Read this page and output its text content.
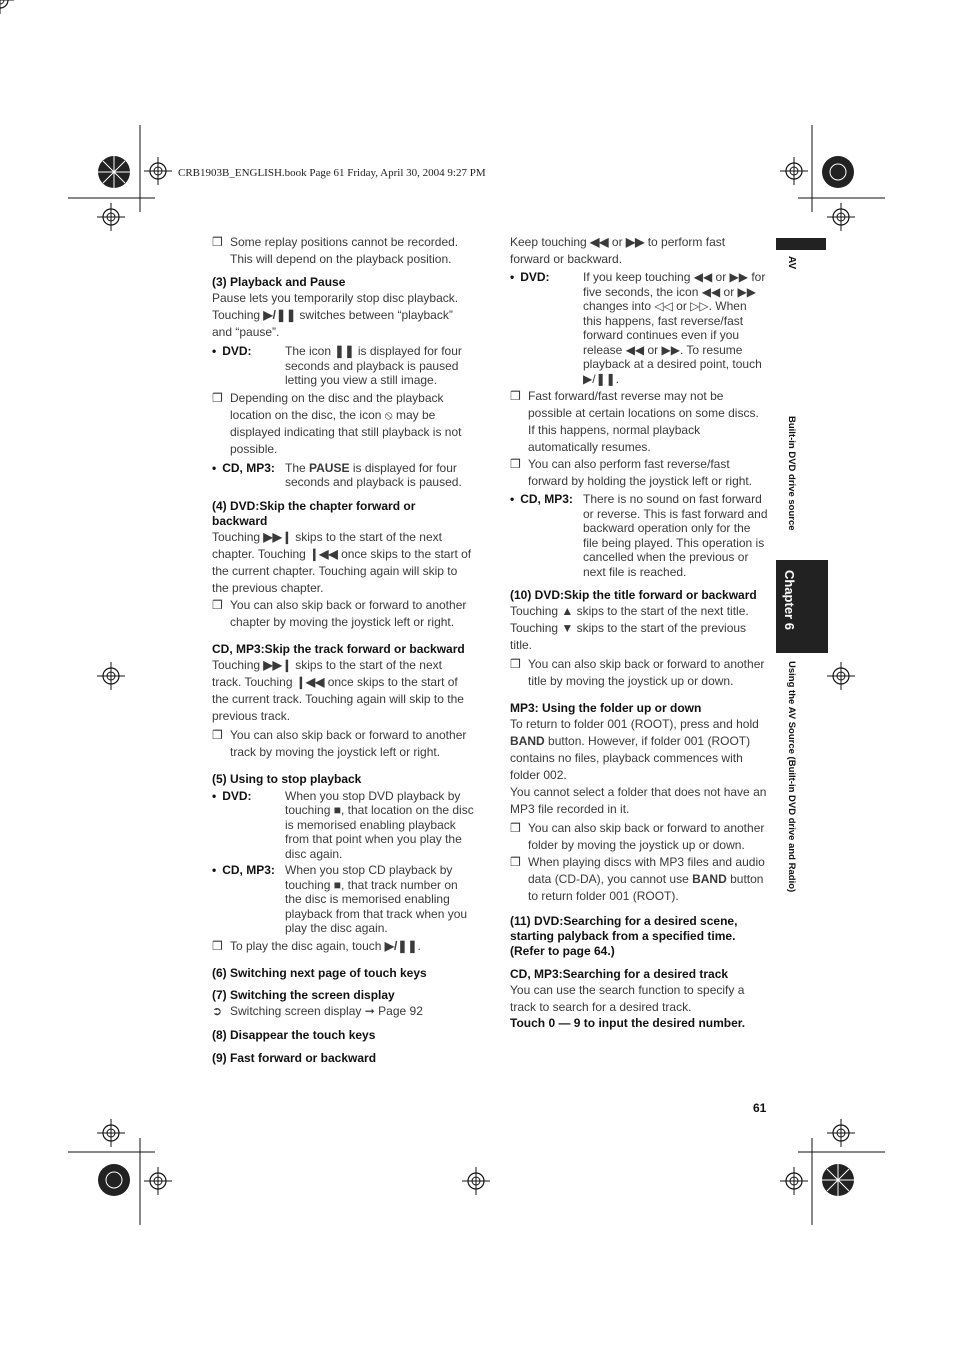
CRB1903B_ENGLISH.book Page 61 Friday, April 30, 2004 9:27 PM
AV
Built-in DVD drive source
Chapter 6
Using the AV Source (Built-in DVD drive and Radio)

❒ Some replay positions cannot be recorded. This will depend on the playback position.

(3) Playback and Pause

Pause lets you temporarily stop disc playback.
Touching ▶/❚❚ switches between “playback”
and “pause”.

• DVD:	The icon ❚❚ is displayed for four seconds and playback is paused letting you view a still image.

❒ Depending on the disc and the playback location on the disc, the icon ⦸ may be displayed indicating that still playback is not possible.

• CD, MP3: The PAUSE is displayed for four seconds and playback is paused.

(4) DVD:Skip the chapter forward or backward

Touching ▶▶❙ skips to the start of the next chapter. Touching ❙◀◀ once skips to the start of the current chapter. Touching again will skip to the previous chapter.

❒ You can also skip back or forward to another chapter by moving the joystick left or right.

CD, MP3:Skip the track forward or backward

Touching ▶▶❙ skips to the start of the next track. Touching ❙◀◀ once skips to the start of the current track. Touching again will skip to the previous track.

❒ You can also skip back or forward to another track by moving the joystick left or right.

(5) Using to stop playback

• DVD:	When you stop DVD playback by touching ■, that location on the disc is memorised enabling playback from that point when you play the disc again.

• CD, MP3: When you stop CD playback by touching ■, that track number on the disc is memorised enabling playback from that track when you play the disc again.

❒ To play the disc again, touch ▶/❚❚.

(6) Switching next page of touch keys

(7) Switching the screen display

➲ Switching screen display ➞ Page 92

(8) Disappear the touch keys

(9) Fast forward or backward

Keep touching ◀◀ or ▶▶ to perform fast forward or backward.

• DVD:	If you keep touching ◀◀ or ▶▶ for five seconds, the icon ◀◀ or ▶▶ changes into ◁◁ or ▷▷. When this happens, fast reverse/fast forward continues even if you release ◀◀ or ▶▶. To resume playback at a desired point, touch ▶/❚❚.

❒ Fast forward/fast reverse may not be possible at certain locations on some discs. If this happens, normal playback automatically resumes.

❒ You can also perform fast reverse/fast forward by holding the joystick left or right.

• CD, MP3: There is no sound on fast forward or reverse. This is fast forward and backward operation only for the file being played. This operation is cancelled when the previous or next file is reached.

(10) DVD:Skip the title forward or backward

Touching ▲ skips to the start of the next title. Touching ▼ skips to the start of the previous title.

❒ You can also skip back or forward to another title by moving the joystick up or down.

MP3: Using the folder up or down

To return to folder 001 (ROOT), press and hold BAND button. However, if folder 001 (ROOT) contains no files, playback commences with folder 002.

You cannot select a folder that does not have an MP3 file recorded in it.

❒ You can also skip back or forward to another folder by moving the joystick up or down.

❒ When playing discs with MP3 files and audio data (CD-DA), you cannot use BAND button to return folder 001 (ROOT).

(11) DVD:Searching for a desired scene, starting palyback from a specified time. (Refer to page 64.)

CD, MP3:Searching for a desired track

You can use the search function to specify a track to search for a desired track.

Touch 0 — 9 to input the desired number.

61
